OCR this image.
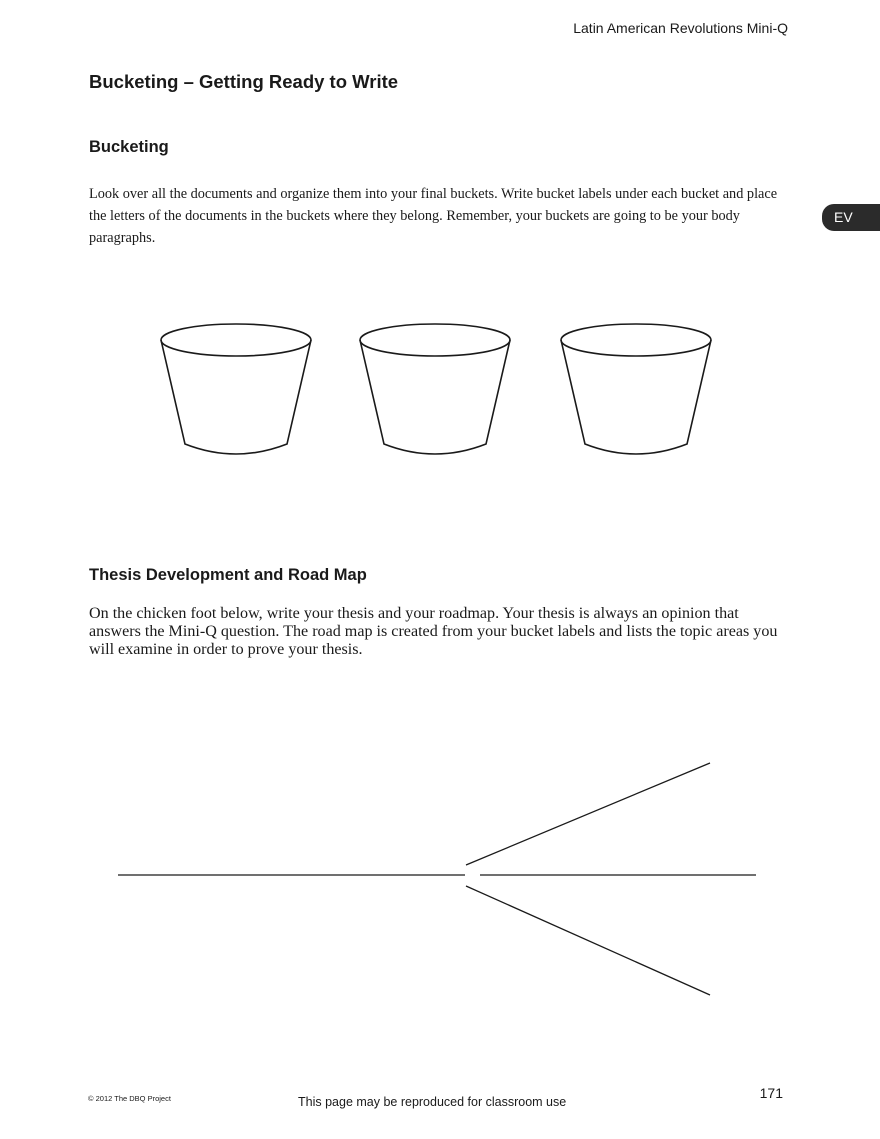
Latin American Revolutions Mini-Q
Bucketing – Getting Ready to Write
Bucketing

Look over all the documents and organize them into your final buckets. Write bucket labels under each bucket and place the letters of the documents in the buckets where they belong. Remember, your buckets are going to be your body paragraphs.

EV
Thesis Development and Road Map

On the chicken foot below, write your thesis and your roadmap. Your thesis is always an opinion that answers the Mini-Q question. The road map is created from your bucket labels and lists the topic areas you will examine in order to prove your thesis.

© 2012 The DBQ Project	This page may be reproduced for classroom use
171
